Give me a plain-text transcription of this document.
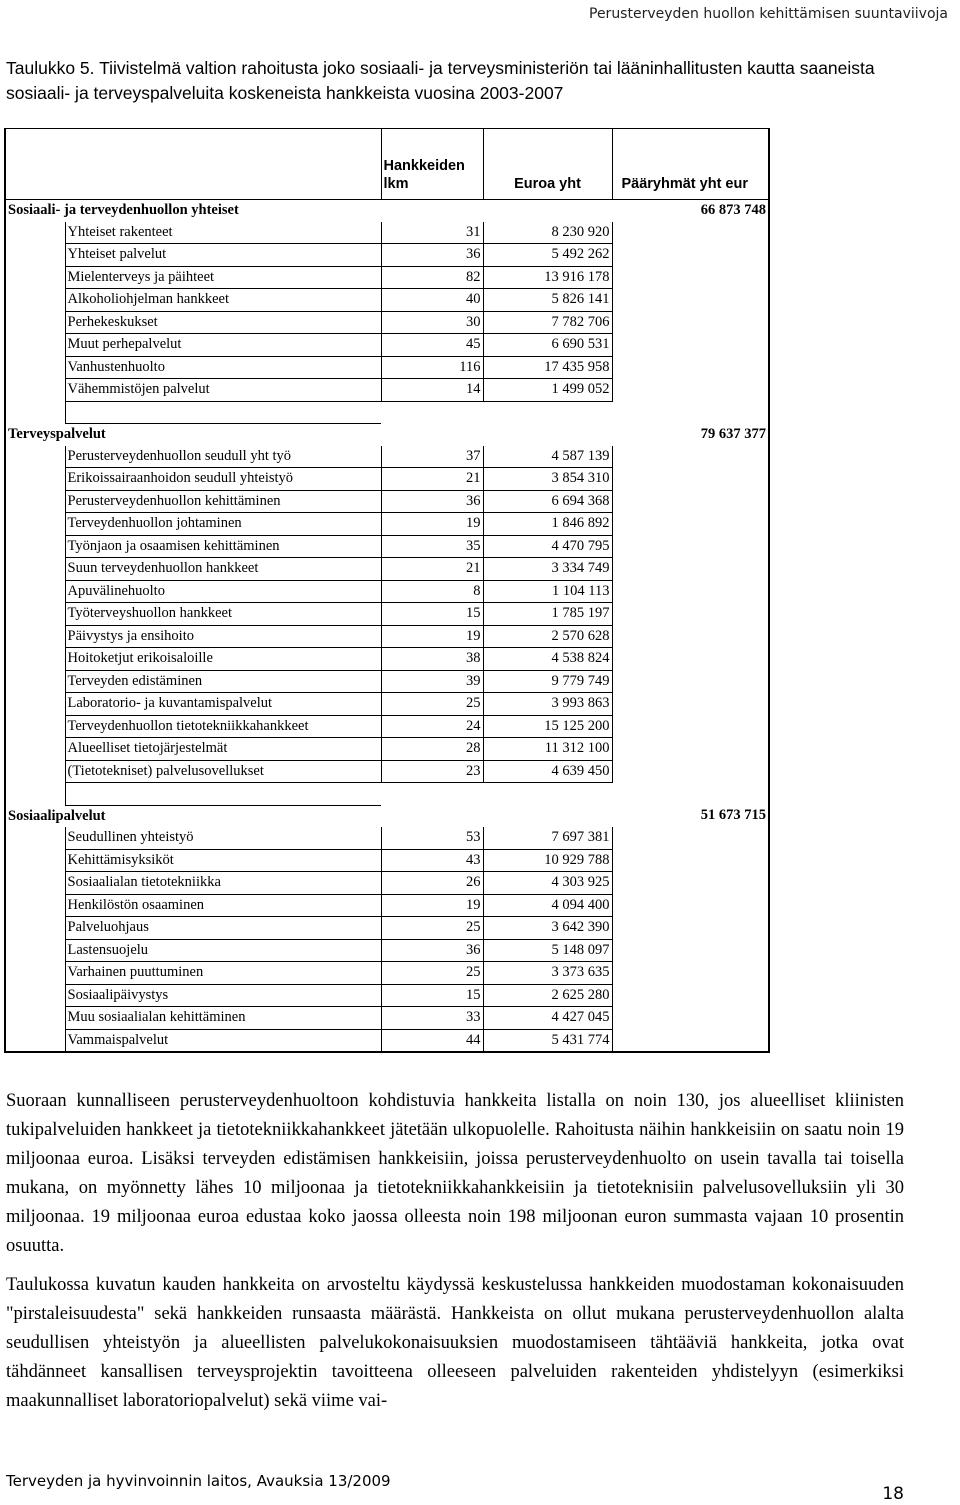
Perusterveyden huollon kehittämisen suuntaviivoja
Taulukko 5. Tiivistelmä valtion rahoitusta joko sosiaali- ja terveysministeriön tai lääninhallitusten kautta saaneista sosiaali- ja terveyspalveluita koskeneista hankkeista vuosina 2003-2007
		Hankkeiden lkm	Euroa yht	Pääryhmät yht eur
Sosiaali- ja terveydenhuollon yhteiset				66 873 748
	Yhteiset rakenteet	31	8 230 920	
	Yhteiset palvelut	36	5 492 262	
	Mielenterveys ja päihteet	82	13 916 178	
	Alkoholiohjelman hankkeet	40	5 826 141	
	Perhekeskukset	30	7 782 706	
	Muut perhepalvelut	45	6 690 531	
	Vanhustenhuolto	116	17 435 958	
	Vähemmistöjen palvelut	14	1 499 052	

Terveyspalvelut				79 637 377
	Perusterveydenhuollon seudull yht työ	37	4 587 139	
	Erikoissairaanhoidon seudull yhteistyö	21	3 854 310	
	Perusterveydenhuollon kehittäminen	36	6 694 368	
	Terveydenhuollon johtaminen	19	1 846 892	
	Työnjaon ja osaamisen kehittäminen	35	4 470 795	
	Suun terveydenhuollon hankkeet	21	3 334 749	
	Apuvälinehuolto	8	1 104 113	
	Työterveyshuollon hankkeet	15	1 785 197	
	Päivystys ja ensihoito	19	2 570 628	
	Hoitoketjut erikoisaloille	38	4 538 824	
	Terveyden edistäminen	39	9 779 749	
	Laboratorio- ja kuvantamispalvelut	25	3 993 863	
	Terveydenhuollon tietotekniikkahankkeet	24	15 125 200	
	Alueelliset tietojärjestelmät	28	11 312 100	
	(Tietotekniset) palvelusovellukset	23	4 639 450	

Sosiaalipalvelut				51 673 715
	Seudullinen yhteistyö	53	7 697 381	
	Kehittämisyksiköt	43	10 929 788	
	Sosiaalialan tietotekniikka	26	4 303 925	
	Henkilöstön osaaminen	19	4 094 400	
	Palveluohjaus	25	3 642 390	
	Lastensuojelu	36	5 148 097	
	Varhainen puuttuminen	25	3 373 635	
	Sosiaalipäivystys	15	2 625 280	
	Muu sosiaalialan kehittäminen	33	4 427 045	
	Vammaispalvelut	44	5 431 774	

Suoraan kunnalliseen perusterveydenhuoltoon kohdistuvia hankkeita listalla on noin 130, jos alueelliset kliinisten tukipalveluiden hankkeet ja tietotekniikkahankkeet jätetään ulkopuolelle. Rahoitusta näihin hankkeisiin on saatu noin 19 miljoonaa euroa. Lisäksi terveyden edistämisen hankkeisiin, joissa perusterveydenhuolto on usein tavalla tai toisella mukana, on myönnetty lähes 10 miljoonaa ja tietotekniikkahankkeisiin ja tietoteknisiin palvelusovelluksiin yli 30 miljoonaa. 19 miljoonaa euroa edustaa koko jaossa olleesta noin 198 miljoonan euron summasta vajaan 10 prosentin osuutta.

Taulukossa kuvatun kauden hankkeita on arvosteltu käydyssä keskustelussa hankkeiden muodostaman kokonaisuuden "pirstaleisuudesta" sekä hankkeiden runsaasta määrästä. Hankkeista on ollut mukana perusterveydenhuollon alalta seudullisen yhteistyön ja alueellisten palvelukokonaisuuksien muodostamiseen tähtääviä hankkeita, jotka ovat tähdänneet kansallisen terveysprojektin tavoitteena olleeseen palveluiden rakenteiden yhdistelyyn (esimerkiksi maakunnalliset laboratoriopalvelut) sekä viime vai-

Terveyden ja hyvinvoinnin laitos, Avauksia 13/2009
18
